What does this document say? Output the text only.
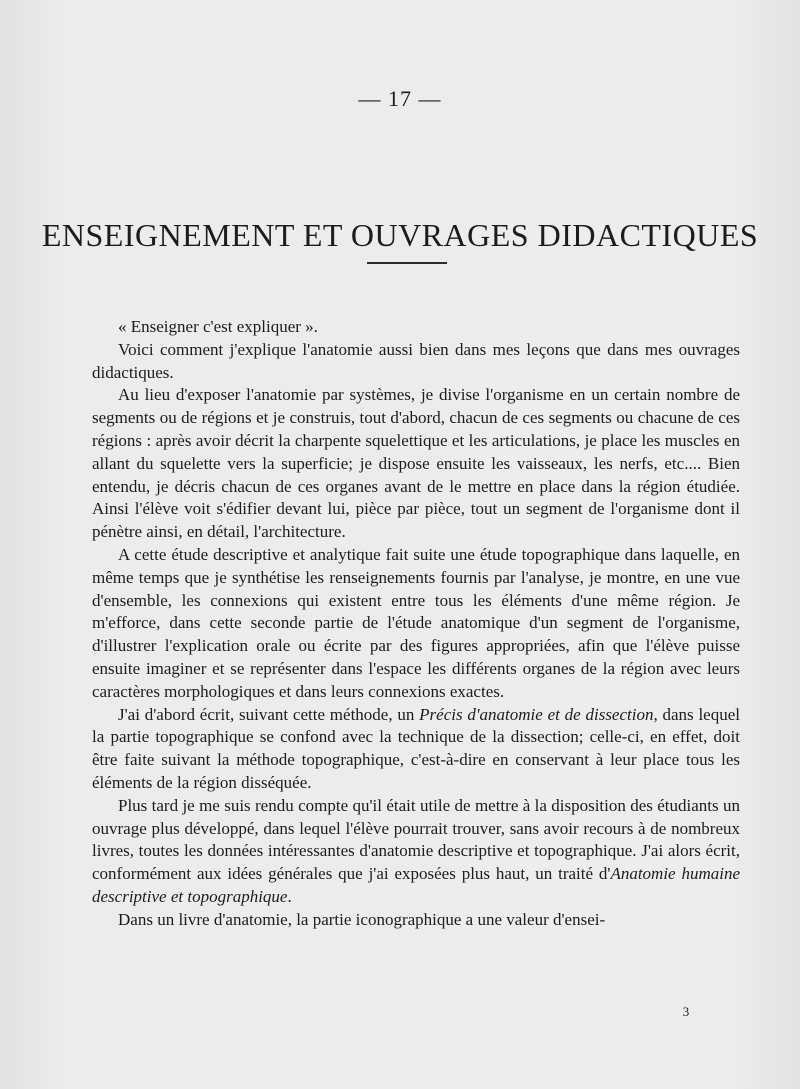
— 17 —
ENSEIGNEMENT ET OUVRAGES DIDACTIQUES

« Enseigner c'est expliquer ».

Voici comment j'explique l'anatomie aussi bien dans mes leçons que dans mes ouvrages didactiques.

Au lieu d'exposer l'anatomie par systèmes, je divise l'organisme en un certain nombre de segments ou de régions et je construis, tout d'abord, chacun de ces segments ou chacune de ces régions : après avoir décrit la charpente squelettique et les articulations, je place les muscles en allant du squelette vers la superficie; je dispose ensuite les vaisseaux, les nerfs, etc.... Bien entendu, je décris chacun de ces organes avant de le mettre en place dans la région étudiée. Ainsi l'élève voit s'édifier devant lui, pièce par pièce, tout un segment de l'organisme dont il pénètre ainsi, en détail, l'architecture.

A cette étude descriptive et analytique fait suite une étude topographique dans laquelle, en même temps que je synthétise les renseignements fournis par l'analyse, je montre, en une vue d'ensemble, les connexions qui existent entre tous les éléments d'une même région. Je m'efforce, dans cette seconde partie de l'étude anatomique d'un segment de l'organisme, d'illustrer l'explication orale ou écrite par des figures appropriées, afin que l'élève puisse ensuite imaginer et se représenter dans l'espace les différents organes de la région avec leurs caractères morphologiques et dans leurs connexions exactes.

J'ai d'abord écrit, suivant cette méthode, un Précis d'anatomie et de dissection, dans lequel la partie topographique se confond avec la technique de la dissection; celle-ci, en effet, doit être faite suivant la méthode topographique, c'est-à-dire en conservant à leur place tous les éléments de la région disséquée.

Plus tard je me suis rendu compte qu'il était utile de mettre à la disposition des étudiants un ouvrage plus développé, dans lequel l'élève pourrait trouver, sans avoir recours à de nombreux livres, toutes les données intéressantes d'anatomie descriptive et topographique. J'ai alors écrit, conformément aux idées générales que j'ai exposées plus haut, un traité d'Anatomie humaine descriptive et topographique.

Dans un livre d'anatomie, la partie iconographique a une valeur d'ensei-

3
